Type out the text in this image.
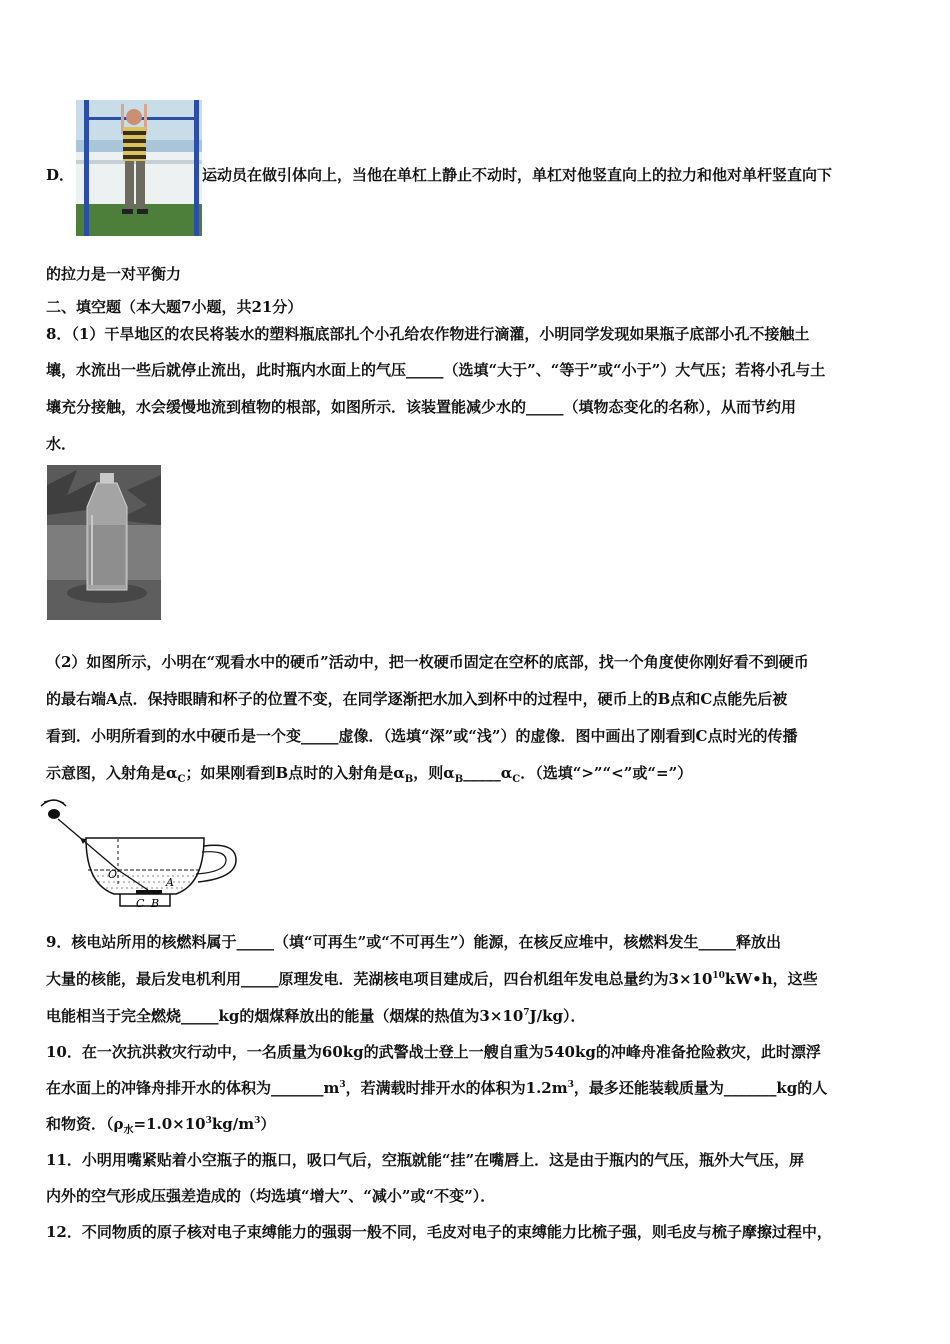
D．	运动员在做引体向上，当他在单杠上静止不动时，单杠对他竖直向上的拉力和他对单杆竖直向下
的拉力是一对平衡力
二、填空题（本大题7小题，共21分）
8．（1）干旱地区的农民将装水的塑料瓶底部扎个小孔给农作物进行滴灌，小明同学发现如果瓶子底部小孔不接触土
壤，水流出一些后就停止流出，此时瓶内水面上的气压_____（选填“大于”、“等于”或“小于”）大气压；若将小孔与土
壤充分接触，水会缓慢地流到植物的根部，如图所示．该装置能减少水的_____（填物态变化的名称），从而节约用
水．
（2）如图所示，小明在“观看水中的硬币”活动中，把一枚硬币固定在空杯的底部，找一个角度使你刚好看不到硬币
的最右端A点．保持眼睛和杯子的位置不变，在同学逐渐把水加入到杯中的过程中，硬币上的B点和C点能先后被
看到．小明所看到的水中硬币是一个变_____虚像．（选填“深”或“浅”）的虚像．图中画出了刚看到C点时光的传播
示意图，入射角是$\alpha_C$；如果刚看到B点时的入射角是$\alpha_B$，则$\alpha_B\_\_\_\_\_\alpha_C$．（选填“>”“<”或“=”）
O
A
C B
9．核电站所用的核燃料属于_____（填“可再生”或“不可再生”）能源，在核反应堆中，核燃料发生_____释放出
大量的核能，最后发电机利用_____原理发电．芜湖核电项目建成后，四台机组年发电总量约为$3\times 10^{10}kW•h$，这些
电能相当于完全燃烧_____kg的烟煤释放出的能量（烟煤的热值为$3\times 10^7J/kg$）．
10．在一次抗洪救灾行动中，一名质量为60kg的武警战士登上一艘自重为540kg的冲峰舟准备抢险救灾，此时漂浮
在水面上的冲锋舟排开水的体积为$\_\_\_\_\_\_\_m^3$，若满载时排开水的体积为$1.2m^3$，最多还能装载质量为_______kg的人
和物资．$(\rho_水=1.0\times 10^3kg/m^3)$
11．小明用嘴紧贴着小空瓶子的瓶口，吸口气后，空瓶就能“挂”在嘴唇上．这是由于瓶内的气压，瓶外大气压，屏
内外的空气形成压强差造成的（均选填“增大”、“减小”或“不变”）．
12．不同物质的原子核对电子束缚能力的强弱一般不同，毛皮对电子的束缚能力比梳子强，则毛皮与梳子摩擦过程中，
